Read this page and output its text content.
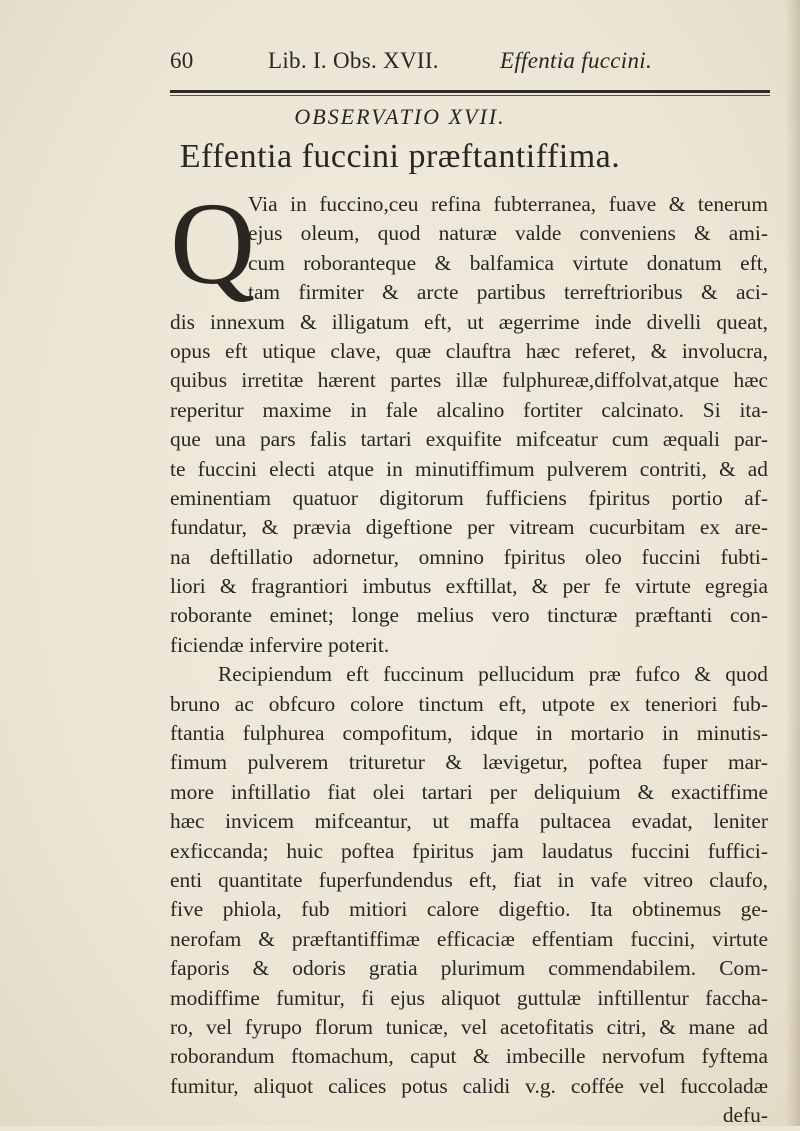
60	Lib. I. Obs. XVII.	Effentia fuccini.
OBSERVATIO XVII.
Effentia fuccini præftantiffima.
Q
Via in fuccino,ceu refina fubterranea, fuave & tenerum
ejus oleum, quod naturæ valde conveniens & ami-
cum roboranteque & balfamica virtute donatum eft,
tam firmiter & arcte partibus terreftrioribus & aci-
dis innexum & illigatum eft, ut ægerrime inde divelli queat,
opus eft utique clave, quæ clauftra hæc referet, & involucra,
quibus irretitæ hærent partes illæ fulphureæ,diffolvat,atque hæc
reperitur maxime in fale alcalino fortiter calcinato. Si ita-
que una pars falis tartari exquifite mifceatur cum æquali par-
te fuccini electi atque in minutiffimum pulverem contriti, & ad
eminentiam quatuor digitorum fufficiens fpiritus portio af-
fundatur, & prævia digeftione per vitream cucurbitam ex are-
na deftillatio adornetur, omnino fpiritus oleo fuccini fubti-
liori & fragrantiori imbutus exftillat, & per fe virtute egregia
roborante eminet; longe melius vero tincturæ præftanti con-
ficiendæ infervire poterit.
Recipiendum eft fuccinum pellucidum præ fufco & quod
bruno ac obfcuro colore tinctum eft, utpote ex teneriori fub-
ftantia fulphurea compofitum, idque in mortario in minutis-
fimum pulverem trituretur & lævigetur, poftea fuper mar-
more inftillatio fiat olei tartari per deliquium & exactiffime
hæc invicem mifceantur, ut maffa pultacea evadat, leniter
exficcanda; huic poftea fpiritus jam laudatus fuccini fuffici-
enti quantitate fuperfundendus eft, fiat in vafe vitreo claufo,
five phiola, fub mitiori calore digeftio. Ita obtinemus ge-
nerofam & præftantiffimæ efficaciæ effentiam fuccini, virtute
faporis & odoris gratia plurimum commendabilem. Com-
modiffime fumitur, fi ejus aliquot guttulæ inftillentur faccha-
ro, vel fyrupo florum tunicæ, vel acetofitatis citri, & mane ad
roborandum ftomachum, caput & imbecille nervofum fyftema
fumitur, aliquot calices potus calidi v.g. coffée vel fuccoladæ
defu-
